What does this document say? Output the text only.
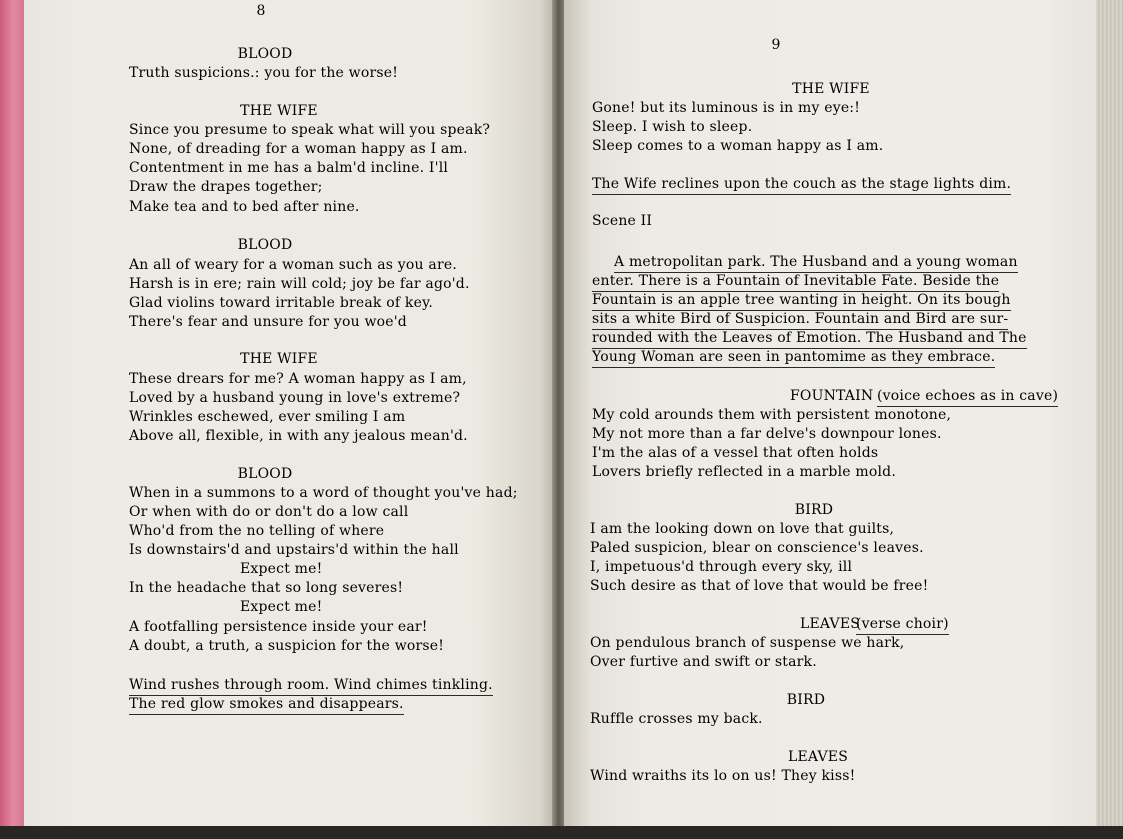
8
BLOOD
Truth suspicions.: you for the worse!
THE WIFE
Since you presume to speak what will you speak?
None, of dreading for a woman happy as I am.
Contentment in me has a balm'd incline. I'll
Draw the drapes together;
Make tea and to bed after nine.
BLOOD
An all of weary for a woman such as you are.
Harsh is in ere; rain will cold; joy be far ago'd.
Glad violins toward irritable break of key.
There's fear and unsure for you woe'd
THE WIFE
These drears for me? A woman happy as I am,
Loved by a husband young in love's extreme?
Wrinkles eschewed, ever smiling I am
Above all, flexible, in with any jealous mean'd.
BLOOD
When in a summons to a word of thought you've had;
Or when with do or don't do a low call
Who'd from the no telling of where
Is downstairs'd and upstairs'd within the hall
Expect me!
In the headache that so long severes!
Expect me!
A footfalling persistence inside your ear!
A doubt, a truth, a suspicion for the worse!
Wind rushes through room. Wind chimes tinkling.
The red glow smokes and disappears.
9
THE WIFE
Gone! but its luminous is in my eye:!
Sleep. I wish to sleep.
Sleep comes to a woman happy as I am.
The Wife reclines upon the couch as the stage lights dim.
Scene II
A metropolitan park. The Husband and a young woman
enter. There is a Fountain of Inevitable Fate. Beside the
Fountain is an apple tree wanting in height. On its bough
sits a white Bird of Suspicion. Fountain and Bird are sur-
rounded with the Leaves of Emotion. The Husband and The
Young Woman are seen in pantomime as they embrace.
FOUNTAIN (voice echoes as in cave)
My cold arounds them with persistent monotone,
My not more than a far delve's downpour lones.
I'm the alas of a vessel that often holds
Lovers briefly reflected in a marble mold.
BIRD
I am the looking down on love that guilts,
Paled suspicion, blear on conscience's leaves.
I, impetuous'd through every sky, ill
Such desire as that of love that would be free!
LEAVES
(verse choir)
On pendulous branch of suspense we hark,
Over furtive and swift or stark.
BIRD
Ruffle crosses my back.
LEAVES
Wind wraiths its lo on us! They kiss!
